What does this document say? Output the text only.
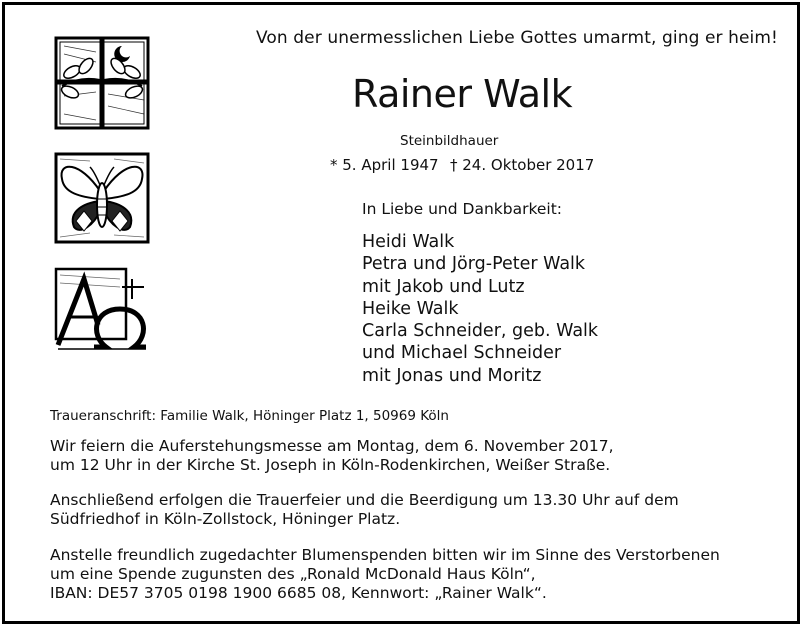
Von der unermesslichen Liebe Gottes umarmt, ging er heim!
Rainer Walk
Steinbildhauer
* 5. April 1947 † 24. Oktober 2017
In Liebe und Dankbarkeit:
Heidi Walk
Petra und Jörg-Peter Walk
mit Jakob und Lutz
Heike Walk
Carla Schneider, geb. Walk
und Michael Schneider
mit Jonas und Moritz
Traueranschrift: Familie Walk, Höninger Platz 1, 50969 Köln

Wir feiern die Auferstehungsmesse am Montag, dem 6. November 2017,
um 12 Uhr in der Kirche St. Joseph in Köln-Rodenkirchen, Weißer Straße.

Anschließend erfolgen die Trauerfeier und die Beerdigung um 13.30 Uhr auf dem
Südfriedhof in Köln-Zollstock, Höninger Platz.

Anstelle freundlich zugedachter Blumenspenden bitten wir im Sinne des Verstorbenen
um eine Spende zugunsten des „Ronald McDonald Haus Köln“,
IBAN: DE57 3705 0198 1900 6685 08, Kennwort: „Rainer Walk“.
